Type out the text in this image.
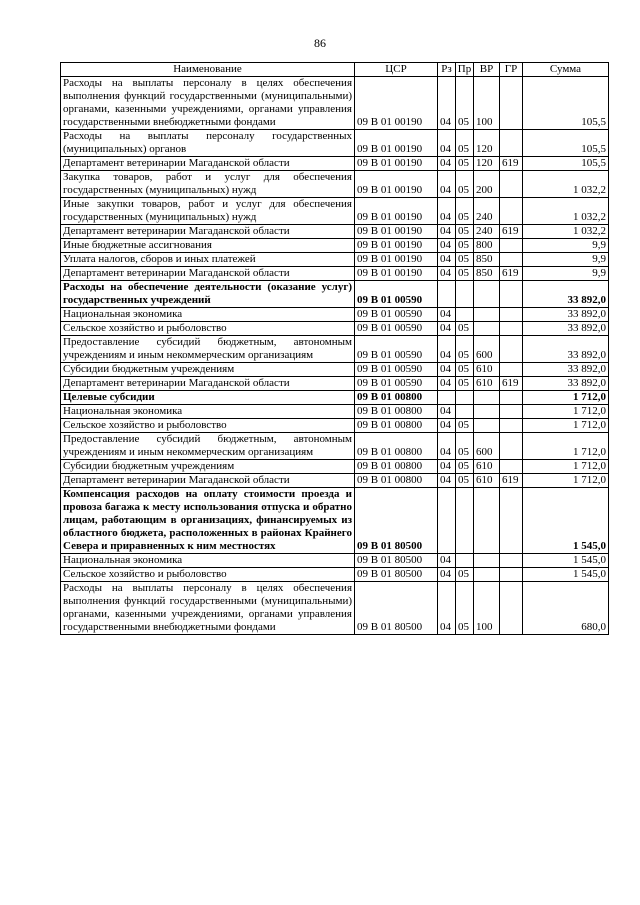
86
Наименование	ЦСР	Рз	Пр	ВР	ГР	Сумма
Расходы на выплаты персоналу в целях обеспечения выполнения функций государственными (муниципальными) органами, казенными учреждениями, органами управления государственными внебюджетными фондами	09 В 01 00190	04	05	100		105,5
Расходы на выплаты персоналу государственных (муниципальных) органов	09 В 01 00190	04	05	120		105,5
Департамент ветеринарии Магаданской области	09 В 01 00190	04	05	120	619	105,5
Закупка товаров, работ и услуг для обеспечения государственных (муниципальных) нужд	09 В 01 00190	04	05	200		1 032,2
Иные закупки товаров, работ и услуг для обеспечения государственных (муниципальных) нужд	09 В 01 00190	04	05	240		1 032,2
Департамент ветеринарии Магаданской области	09 В 01 00190	04	05	240	619	1 032,2
Иные бюджетные ассигнования	09 В 01 00190	04	05	800		9,9
Уплата налогов, сборов и иных платежей	09 В 01 00190	04	05	850		9,9
Департамент ветеринарии Магаданской области	09 В 01 00190	04	05	850	619	9,9
Расходы на обеспечение деятельности (оказание услуг) государственных учреждений	09 В 01 00590					33 892,0
Национальная экономика	09 В 01 00590	04				33 892,0
Сельское хозяйство и рыболовство	09 В 01 00590	04	05			33 892,0
Предоставление субсидий бюджетным, автономным учреждениям и иным некоммерческим организациям	09 В 01 00590	04	05	600		33 892,0
Субсидии бюджетным учреждениям	09 В 01 00590	04	05	610		33 892,0
Департамент ветеринарии Магаданской области	09 В 01 00590	04	05	610	619	33 892,0
Целевые субсидии	09 В 01 00800					1 712,0
Национальная экономика	09 В 01 00800	04				1 712,0
Сельское хозяйство и рыболовство	09 В 01 00800	04	05			1 712,0
Предоставление субсидий бюджетным, автономным учреждениям и иным некоммерческим организациям	09 В 01 00800	04	05	600		1 712,0
Субсидии бюджетным учреждениям	09 В 01 00800	04	05	610		1 712,0
Департамент ветеринарии Магаданской области	09 В 01 00800	04	05	610	619	1 712,0
Компенсация расходов на оплату стоимости проезда и провоза багажа к месту использования отпуска и обратно лицам, работающим в организациях, финансируемых из областного бюджета, расположенных в районах Крайнего Севера и приравненных к ним местностях	09 В 01 80500					1 545,0
Национальная экономика	09 В 01 80500	04				1 545,0
Сельское хозяйство и рыболовство	09 В 01 80500	04	05			1 545,0
Расходы на выплаты персоналу в целях обеспечения выполнения функций государственными (муниципальными) органами, казенными учреждениями, органами управления государственными внебюджетными фондами	09 В 01 80500	04	05	100		680,0
